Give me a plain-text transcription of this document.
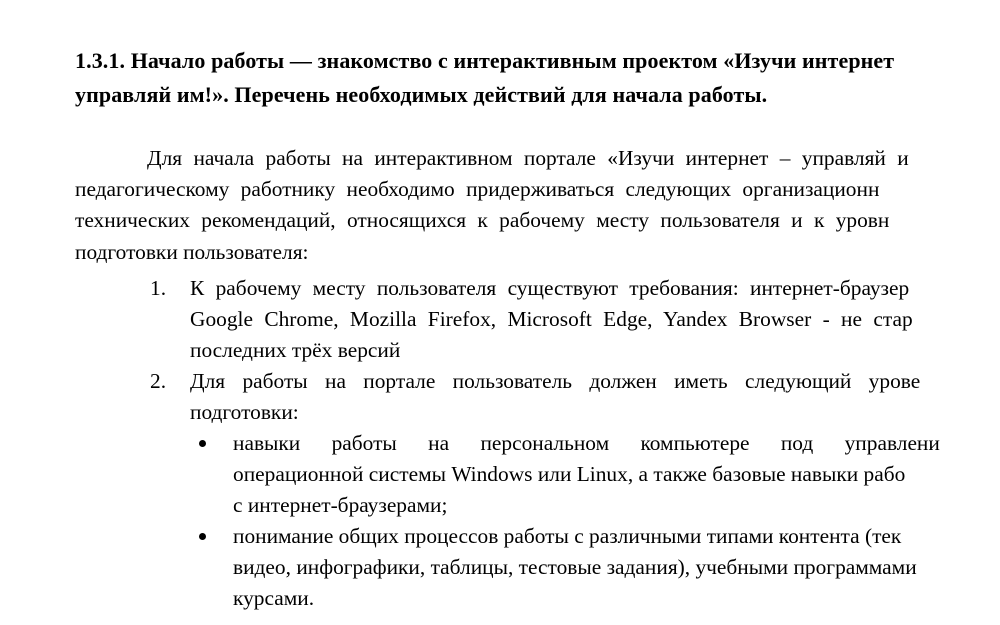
1.3.1. Начало работы — знакомство с интерактивным проектом «Изучи интернет
управляй им!». Перечень необходимых действий для начала работы.
Для начала работы на интерактивном портале «Изучи интернет – управляй и
педагогическому работнику необходимо придерживаться следующих организационн
технических рекомендаций, относящихся к рабочему месту пользователя и к уровн
подготовки пользователя:
1.	К рабочему месту пользователя существуют требования: интернет-браузер
Google Chrome, Mozilla Firefox, Microsoft Edge, Yandex Browser - не стар
последних трёх версий
2.	Для работы на портале пользователь должен иметь следующий урове
подготовки:
навыки работы на персональном компьютере под управлени
операционной системы Windows или Linux, а также базовые навыки рабо
с интернет-браузерами;
понимание общих процессов работы с различными типами контента (тек
видео, инфографики, таблицы, тестовые задания), учебными программами
курсами.
